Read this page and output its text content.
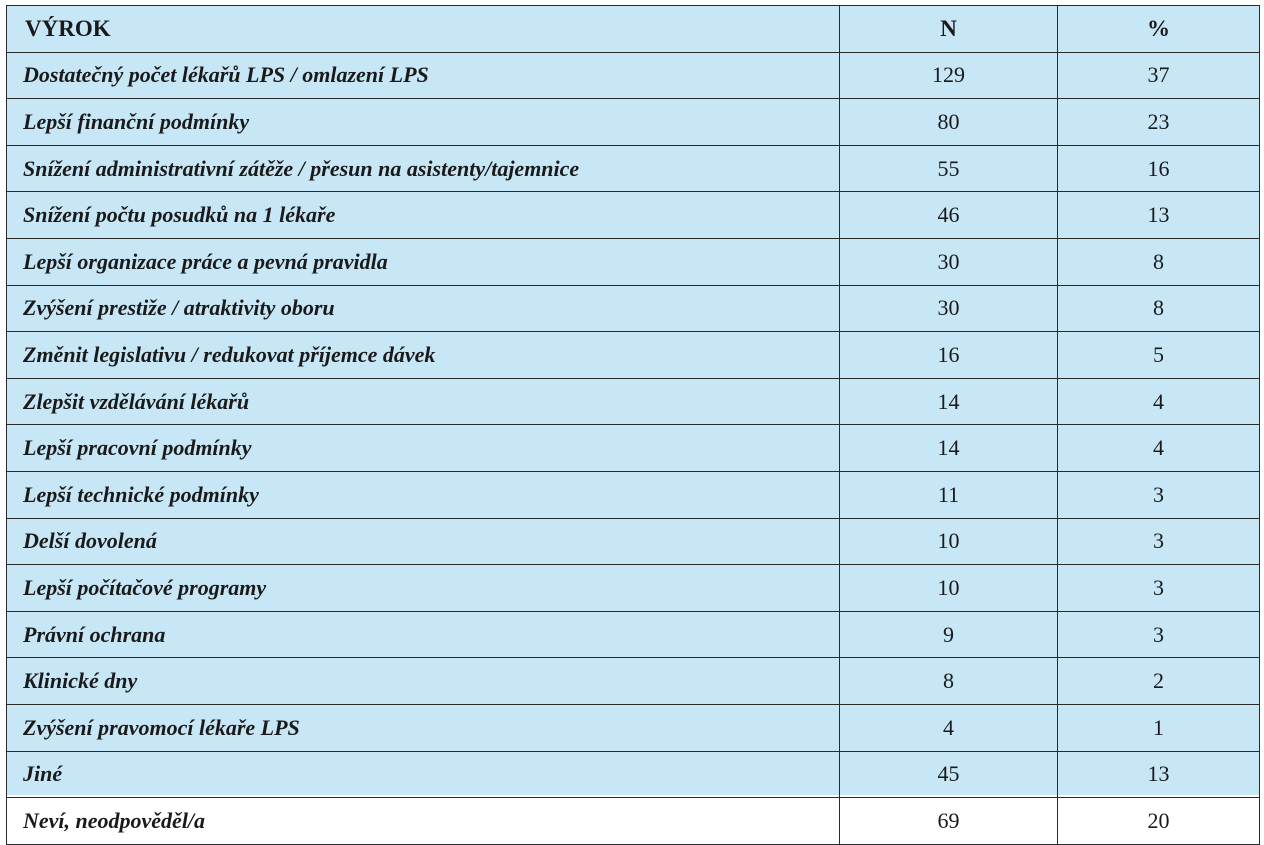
VÝROK	N	%
Dostatečný počet lékařů LPS / omlazení LPS	129	37
Lepší finanční podmínky	80	23
Snížení administrativní zátěže / přesun na asistenty/tajemnice	55	16
Snížení počtu posudků na 1 lékaře	46	13
Lepší organizace práce a pevná pravidla	30	8
Zvýšení prestiže / atraktivity oboru	30	8
Změnit legislativu / redukovat příjemce dávek	16	5
Zlepšit vzdělávání lékařů	14	4
Lepší pracovní podmínky	14	4
Lepší technické podmínky	11	3
Delší dovolená	10	3
Lepší počítačové programy	10	3
Právní ochrana	9	3
Klinické dny	8	2
Zvýšení pravomocí lékaře LPS	4	1
Jiné	45	13
Neví, neodpověděl/a	69	20
